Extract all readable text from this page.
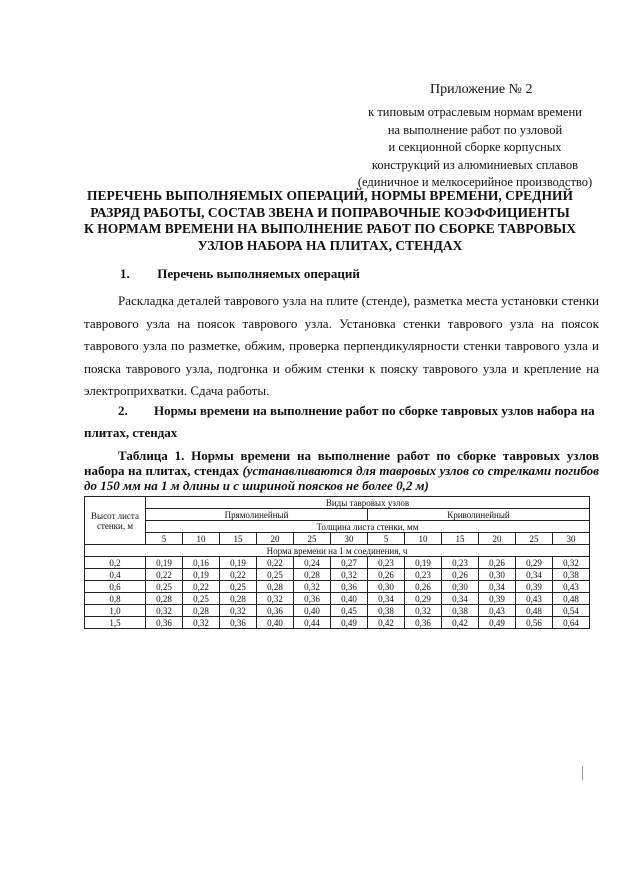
Приложение № 2
к типовым отраслевым нормам времени
на выполнение работ по узловой
и секционной сборке корпусных
конструкций из алюминиевых сплавов
(единичное и мелкосерийное производство)
ПЕРЕЧЕНЬ ВЫПОЛНЯЕМЫХ ОПЕРАЦИЙ, НОРМЫ ВРЕМЕНИ, СРЕДНИЙ
РАЗРЯД РАБОТЫ, СОСТАВ ЗВЕНА И ПОПРАВОЧНЫЕ КОЭФФИЦИЕНТЫ
К НОРМАМ ВРЕМЕНИ НА ВЫПОЛНЕНИЕ РАБОТ ПО СБОРКЕ ТАВРОВЫХ
УЗЛОВ НАБОРА НА ПЛИТАХ, СТЕНДАХ
1. Перечень выполняемых операций
Раскладка деталей таврового узла на плите (стенде), разметка места установки стенки таврового узла на поясок таврового узла. Установка стенки таврового узла на поясок таврового узла по разметке, обжим, проверка перпендикулярности стенки таврового узла и пояска таврового узла, подгонка и обжим стенки к пояску таврового узла и крепление на электроприхватки. Сдача работы.
2. Нормы времени на выполнение работ по сборке тавровых узлов набора на плитах, стендах
Таблица 1. Нормы времени на выполнение работ по сборке тавровых узлов набора на плитах, стендах (устанавливаются для тавровых узлов со стрелками погибов до 150 мм на 1 м длины и с шириной поясков не более 0,2 м)
Высот листа стенки, м	Виды тавровых узлов											
	Прямолинейный						Криволинейный					
	Толщина листа стенки, мм											
	5	10	15	20	25	30	5	10	15	20	25	30
Норма времени на 1 м соединения, ч												
0,2	0,19	0,16	0,19	0,22	0,24	0,27	0,23	0,19	0,23	0,26	0,29	0,32
0,4	0,22	0,19	0,22	0,25	0,28	0,32	0,26	0,23	0,26	0,30	0,34	0,38
0,6	0,25	0,22	0,25	0,28	0,32	0,36	0,30	0,26	0,30	0,34	0,39	0,43
0,8	0,28	0,25	0,28	0,32	0,36	0,40	0,34	0,29	0,34	0,39	0,43	0,48
1,0	0,32	0,28	0,32	0,36	0,40	0,45	0,38	0,32	0,38	0,43	0,48	0,54
1,5	0,36	0,32	0,36	0,40	0,44	0,49	0,42	0,36	0,42	0,49	0,56	0,64
